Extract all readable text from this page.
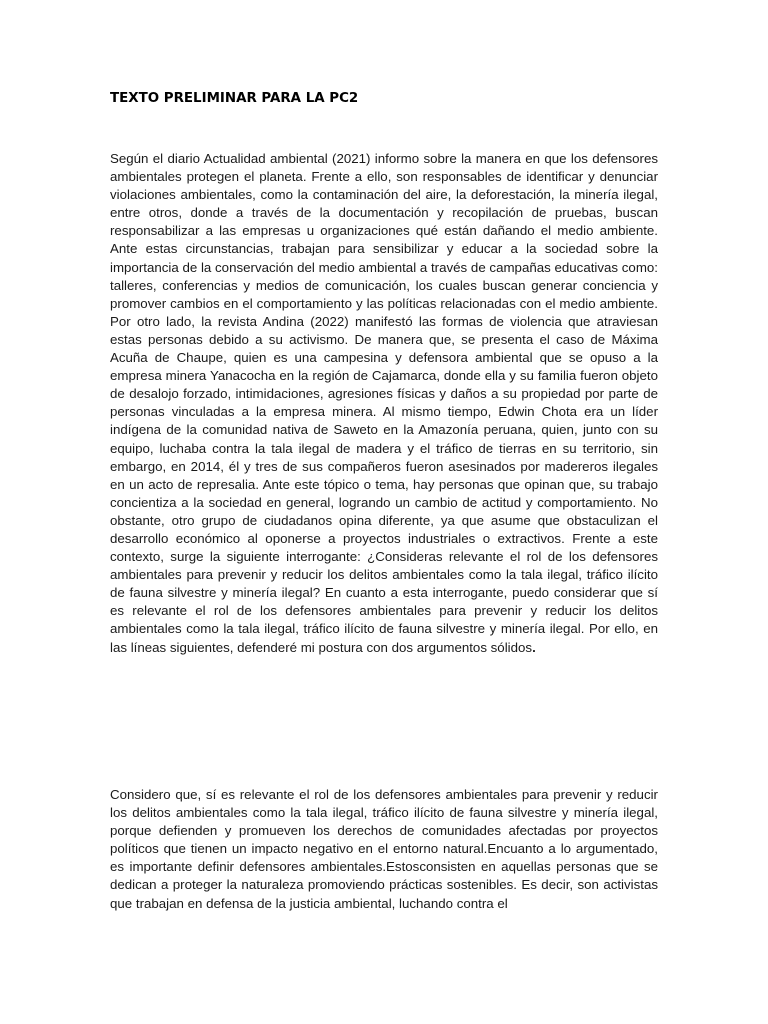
TEXTO PRELIMINAR PARA LA PC2

Según el diario Actualidad ambiental (2021) informo sobre la manera en que los defensores ambientales protegen el planeta. Frente a ello, son responsables de identificar y denunciar violaciones ambientales, como la contaminación del aire, la deforestación, la minería ilegal, entre otros, donde a través de la documentación y recopilación de pruebas, buscan responsabilizar a las empresas u organizaciones qué están dañando el medio ambiente. Ante estas circunstancias, trabajan para sensibilizar y educar a la sociedad sobre la importancia de la conservación del medio ambiental a través de campañas educativas como: talleres, conferencias y medios de comunicación, los cuales buscan generar conciencia y promover cambios en el comportamiento y las políticas relacionadas con el medio ambiente. Por otro lado, la revista Andina (2022) manifestó las formas de violencia que atraviesan estas personas debido a su activismo. De manera que, se presenta el caso de Máxima Acuña de Chaupe, quien es una campesina y defensora ambiental que se opuso a la empresa minera Yanacocha en la región de Cajamarca, donde ella y su familia fueron objeto de desalojo forzado, intimidaciones, agresiones físicas y daños a su propiedad por parte de personas vinculadas a la empresa minera. Al mismo tiempo, Edwin Chota era un líder indígena de la comunidad nativa de Saweto en la Amazonía peruana, quien, junto con su equipo, luchaba contra la tala ilegal de madera y el tráfico de tierras en su territorio, sin embargo, en 2014, él y tres de sus compañeros fueron asesinados por madereros ilegales en un acto de represalia. Ante este tópico o tema, hay personas que opinan que, su trabajo concientiza a la sociedad en general, logrando un cambio de actitud y comportamiento. No obstante, otro grupo de ciudadanos opina diferente, ya que asume que obstaculizan el desarrollo económico al oponerse a proyectos industriales o extractivos. Frente a este contexto, surge la siguiente interrogante: ¿Consideras relevante el rol de los defensores ambientales para prevenir y reducir los delitos ambientales como la tala ilegal, tráfico ilícito de fauna silvestre y minería ilegal? En cuanto a esta interrogante, puedo considerar que sí es relevante el rol de los defensores ambientales para prevenir y reducir los delitos ambientales como la tala ilegal, tráfico ilícito de fauna silvestre y minería ilegal. Por ello, en las líneas siguientes, defenderé mi postura con dos argumentos sólidos.

Considero que, sí es relevante el rol de los defensores ambientales para prevenir y reducir los delitos ambientales como la tala ilegal, tráfico ilícito de fauna silvestre y minería ilegal, porque defienden y promueven los derechos de comunidades afectadas por proyectos políticos que tienen un impacto negativo en el entorno natural.Encuanto a lo argumentado, es importante definir defensores ambientales.Estosconsisten en aquellas personas que se dedican a proteger la naturaleza promoviendo prácticas sostenibles. Es decir, son activistas que trabajan en defensa de la justicia ambiental, luchando contra el
